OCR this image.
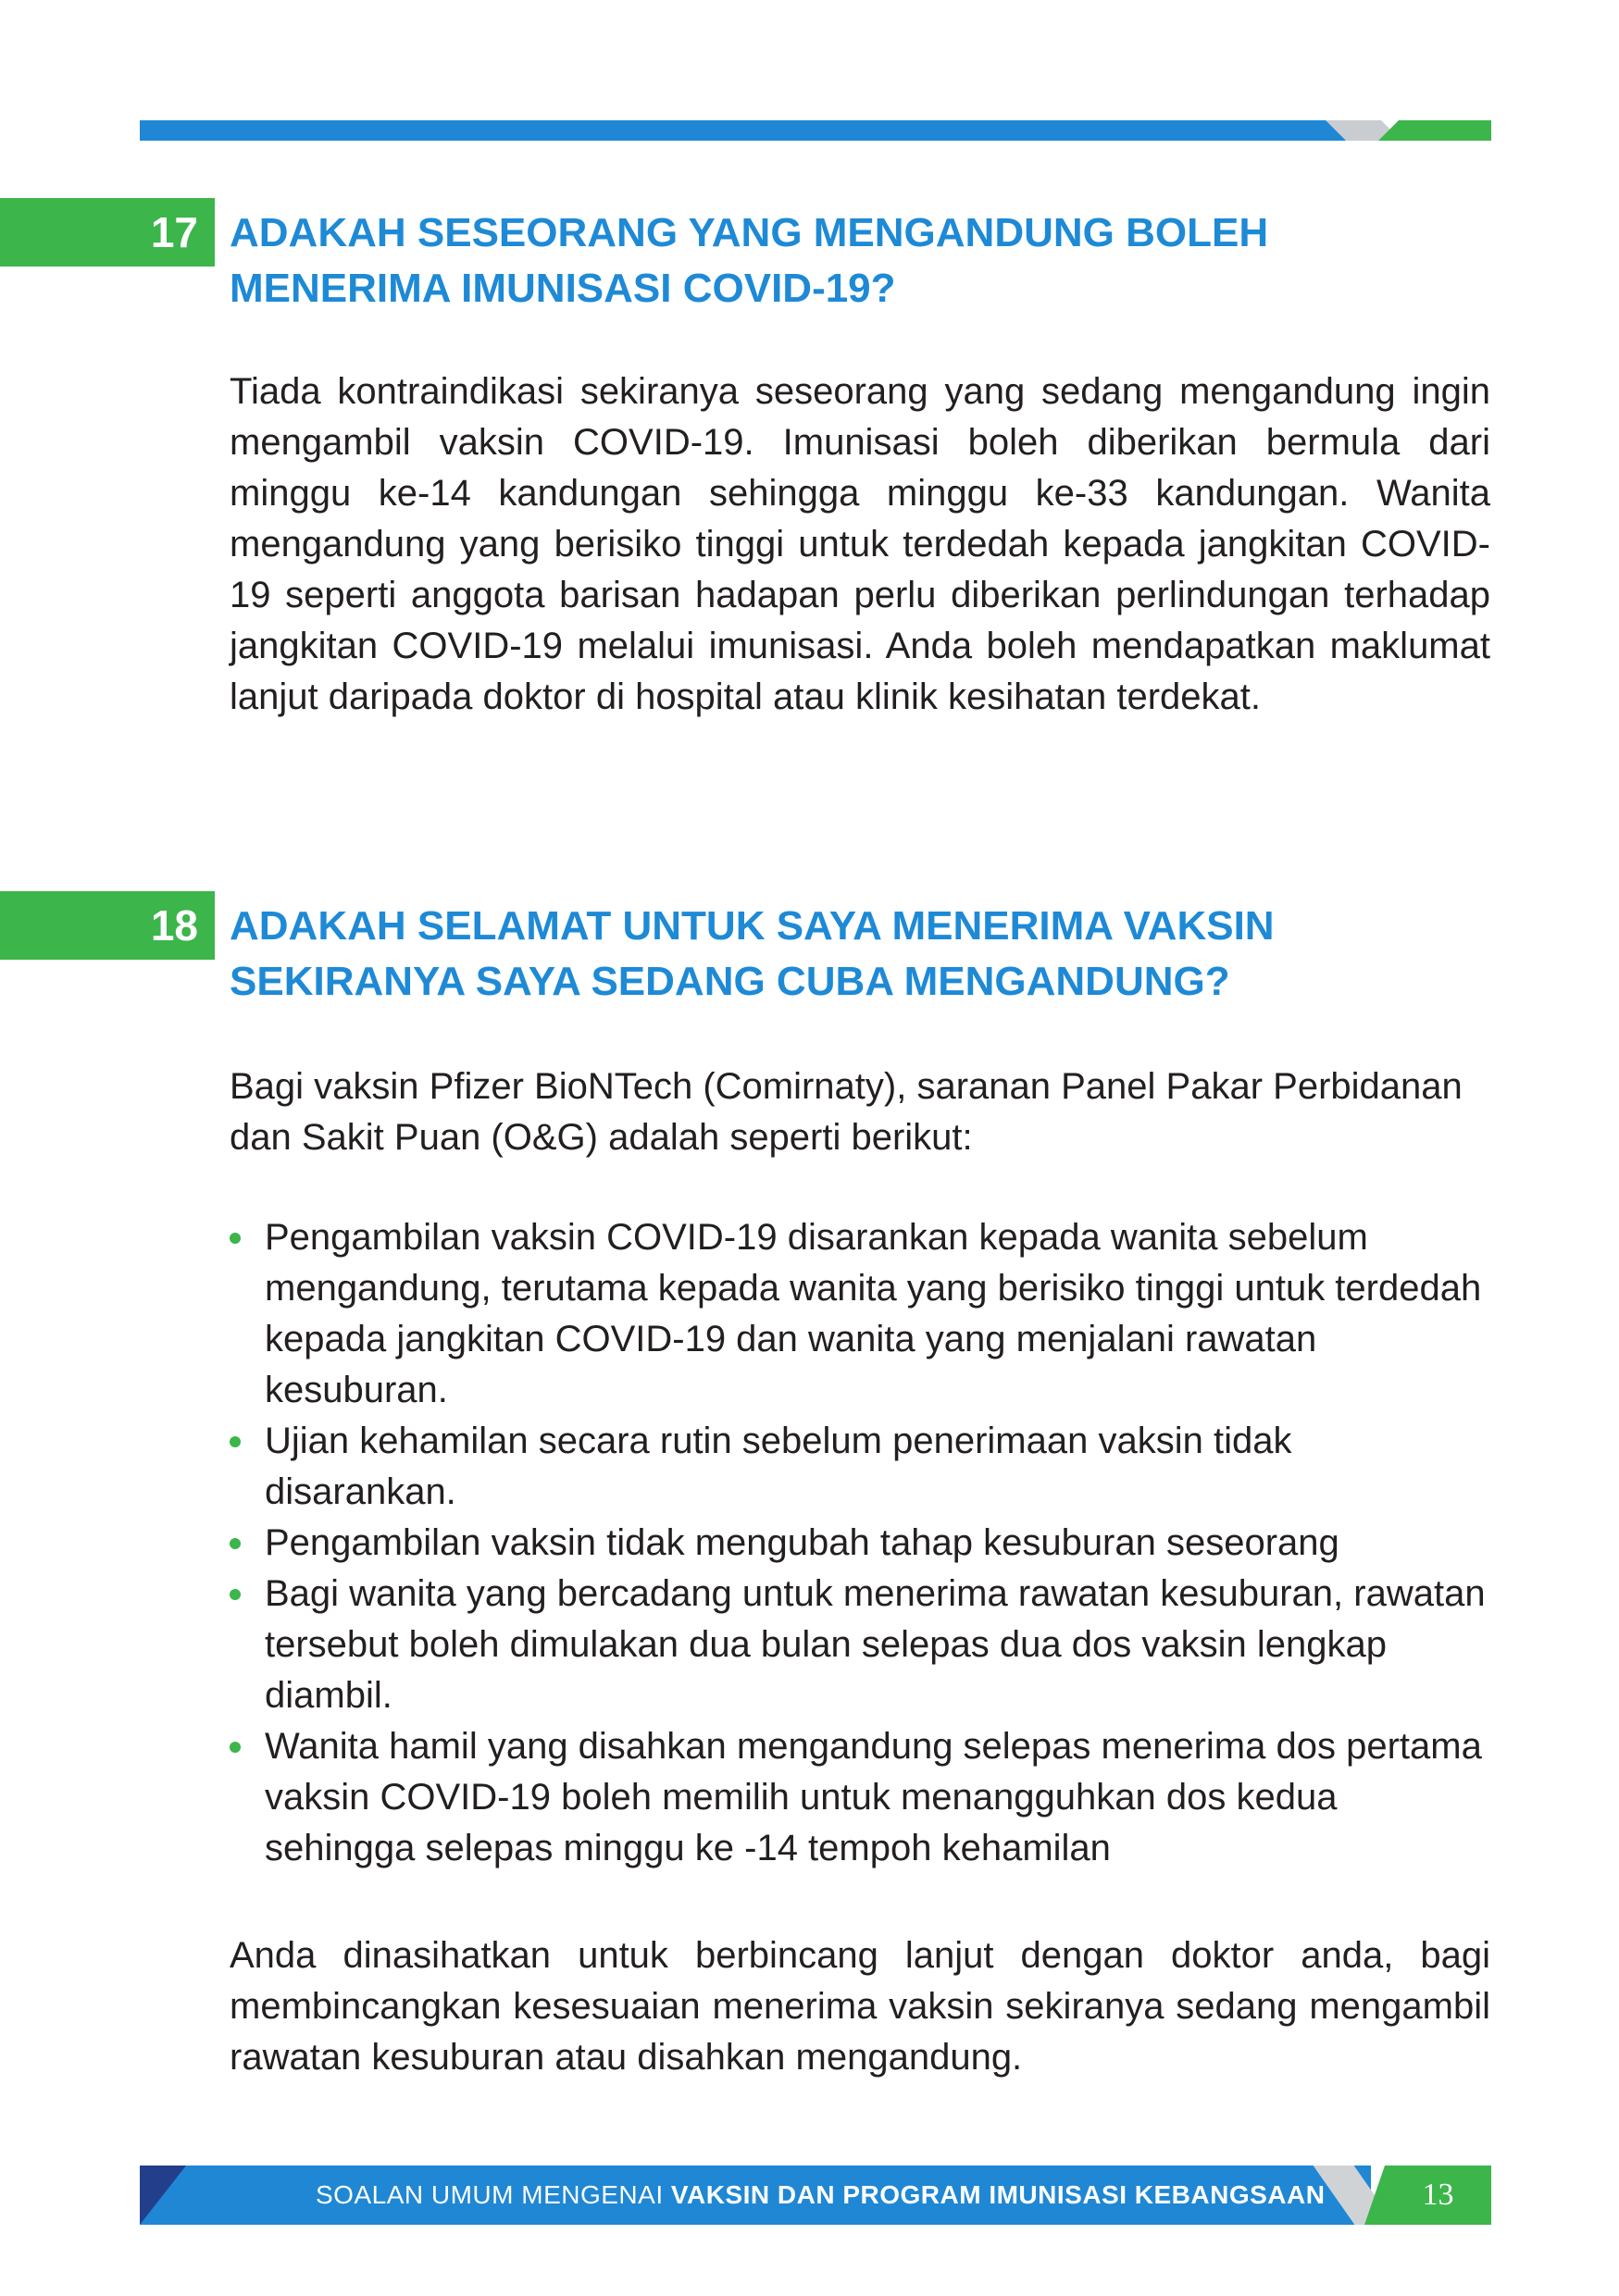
17 ADAKAH SESEORANG YANG MENGANDUNG BOLEH
MENERIMA IMUNISASI COVID-19?

Tiada kontraindikasi sekiranya seseorang yang sedang mengandung ingin mengambil vaksin COVID-19. Imunisasi boleh diberikan bermula dari minggu ke-14 kandungan sehingga minggu ke-33 kandungan. Wanita mengandung yang berisiko tinggi untuk terdedah kepada jangkitan COVID-19 seperti anggota barisan hadapan perlu diberikan perlindungan terhadap jangkitan COVID-19 melalui imunisasi. Anda boleh mendapatkan maklumat lanjut daripada doktor di hospital atau klinik kesihatan terdekat.

18 ADAKAH SELAMAT UNTUK SAYA MENERIMA VAKSIN
SEKIRANYA SAYA SEDANG CUBA MENGANDUNG?

Bagi vaksin Pfizer BioNTech (Comirnaty), saranan Panel Pakar Perbidanan dan Sakit Puan (O&G) adalah seperti berikut:

Pengambilan vaksin COVID-19 disarankan kepada wanita sebelum mengandung, terutama kepada wanita yang berisiko tinggi untuk terdedah kepada jangkitan COVID-19 dan wanita yang menjalani rawatan kesuburan.
Ujian kehamilan secara rutin sebelum penerimaan vaksin tidak disarankan.
Pengambilan vaksin tidak mengubah tahap kesuburan seseorang
Bagi wanita yang bercadang untuk menerima rawatan kesuburan, rawatan tersebut boleh dimulakan dua bulan selepas dua dos vaksin lengkap diambil.
Wanita hamil yang disahkan mengandung selepas menerima dos pertama vaksin COVID-19 boleh memilih untuk menangguhkan dos kedua sehingga selepas minggu ke -14 tempoh kehamilan

Anda dinasihatkan untuk berbincang lanjut dengan doktor anda, bagi membincangkan kesesuaian menerima vaksin sekiranya sedang mengambil rawatan kesuburan atau disahkan mengandung.

SOALAN UMUM MENGENAI VAKSIN DAN PROGRAM IMUNISASI KEBANGSAAN	13
